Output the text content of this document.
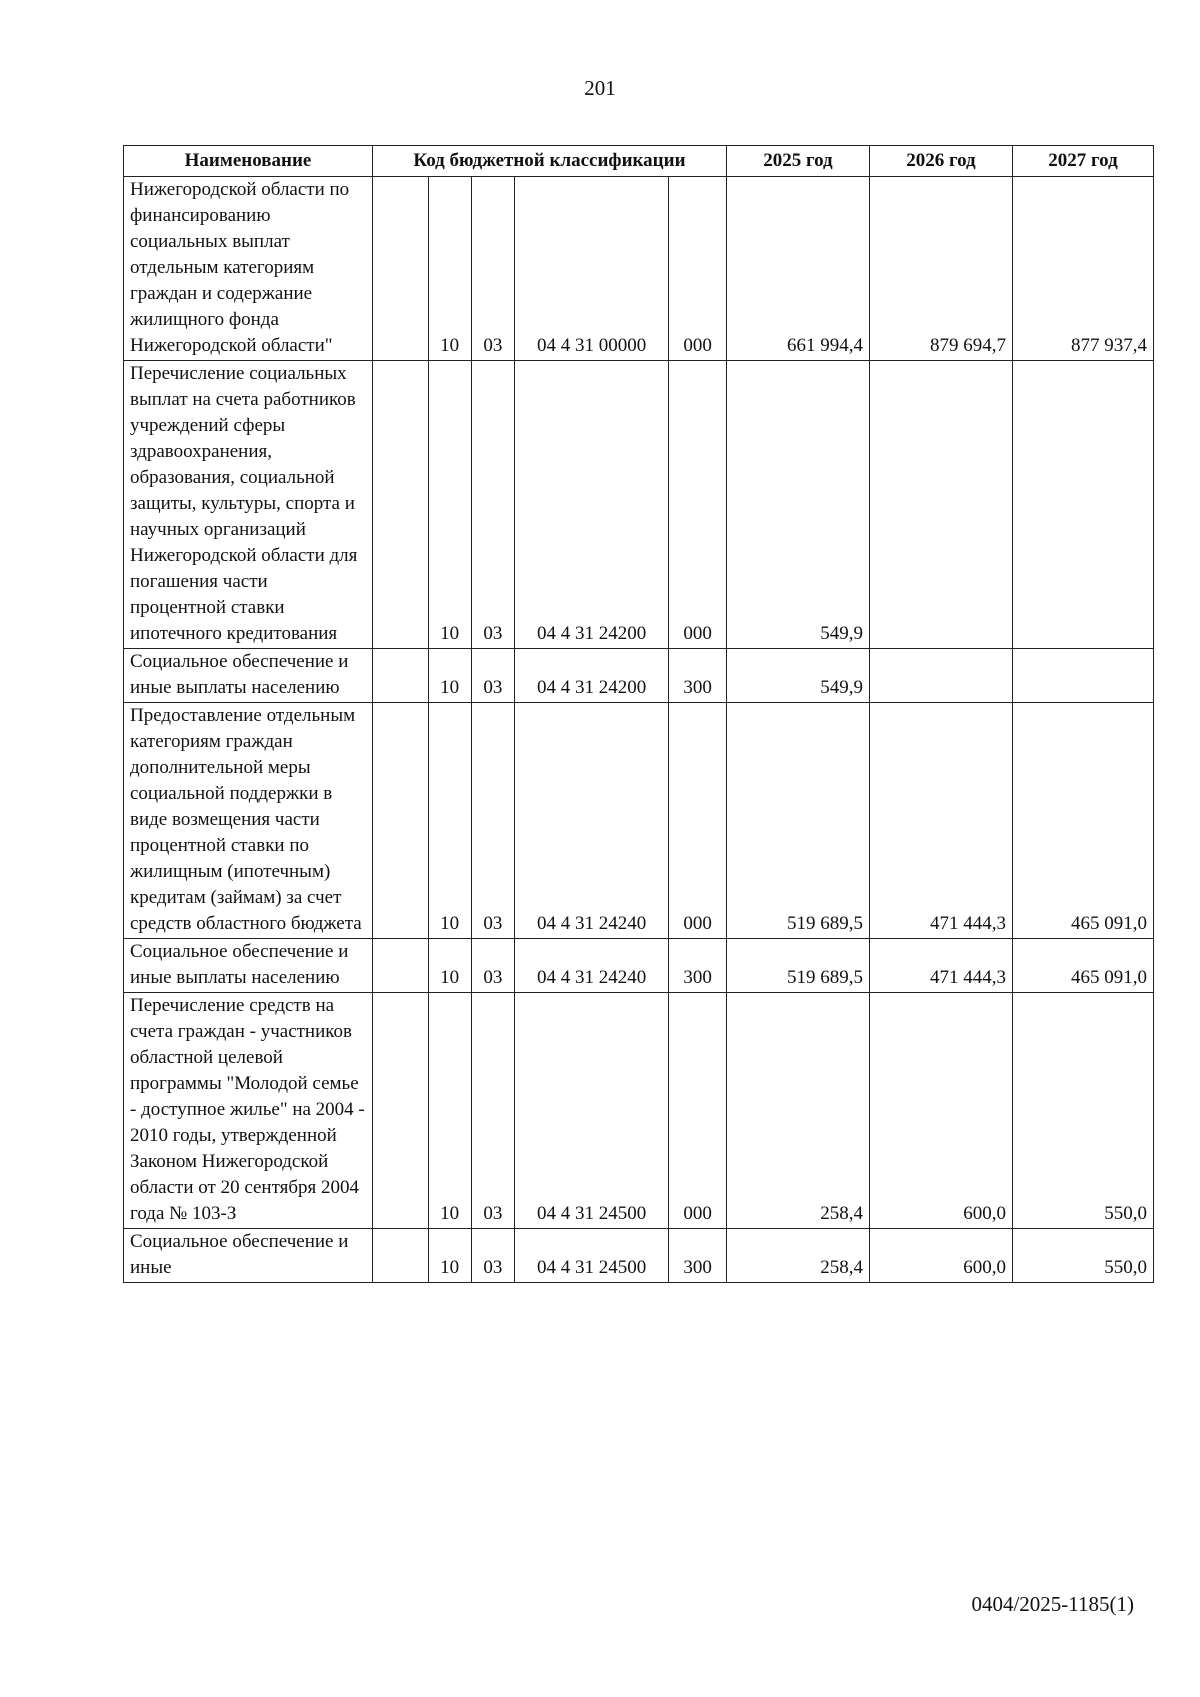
201
Наименование	Код бюджетной классификации					2025 год	2026 год	2027 год
Нижегородской области по финансированию социальных выплат отдельным категориям граждан и содержание жилищного фонда Нижегородской области"		10	03	04 4 31 00000	000	661 994,4	879 694,7	877 937,4
Перечисление социальных выплат на счета работников учреждений сферы здравоохранения, образования, социальной защиты, культуры, спорта и научных организаций Нижегородской области для погашения части процентной ставки ипотечного кредитования		10	03	04 4 31 24200	000	549,9		
Социальное обеспечение и иные выплаты населению		10	03	04 4 31 24200	300	549,9		
Предоставление отдельным категориям граждан дополнительной меры социальной поддержки в виде возмещения части процентной ставки по жилищным (ипотечным) кредитам (займам) за счет средств областного бюджета		10	03	04 4 31 24240	000	519 689,5	471 444,3	465 091,0
Социальное обеспечение и иные выплаты населению		10	03	04 4 31 24240	300	519 689,5	471 444,3	465 091,0
Перечисление средств на счета граждан - участников областной целевой программы "Молодой семье - доступное жилье" на 2004 - 2010 годы, утвержденной Законом Нижегородской области от 20 сентября 2004 года № 103-З		10	03	04 4 31 24500	000	258,4	600,0	550,0
Социальное обеспечение и иные		10	03	04 4 31 24500	300	258,4	600,0	550,0
0404/2025-1185(1)
